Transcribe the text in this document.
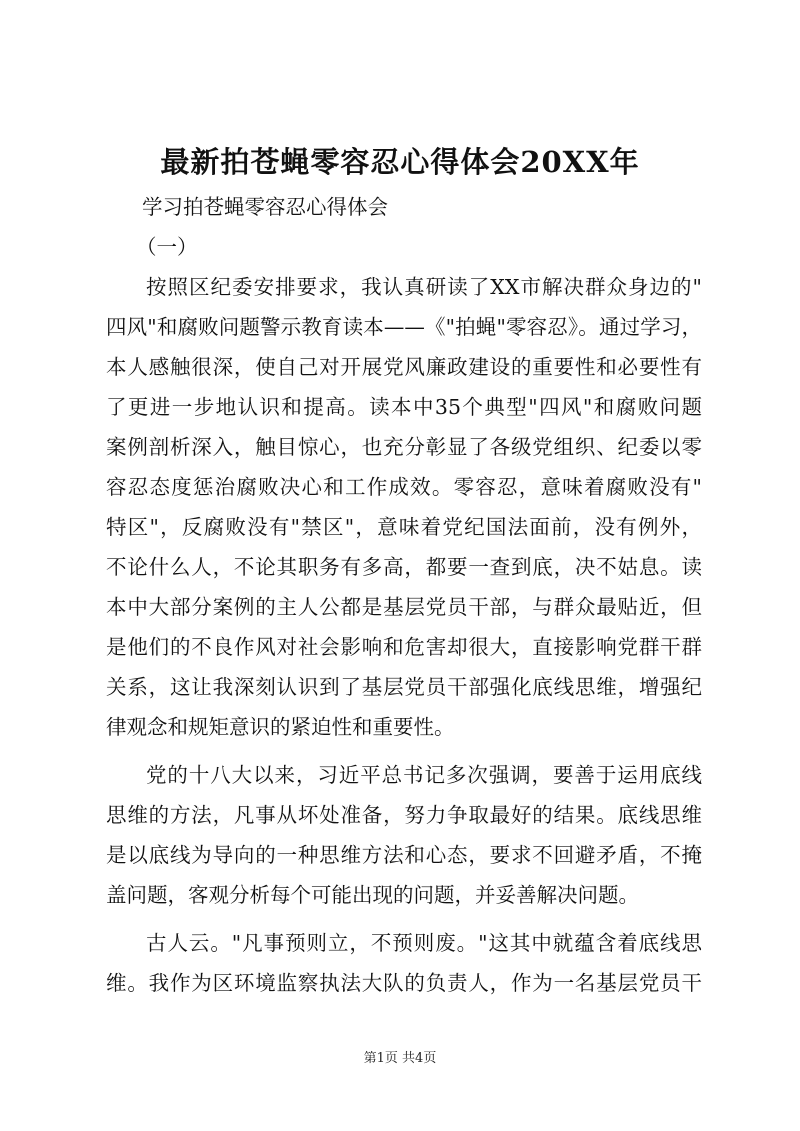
最新拍苍蝇零容忍心得体会20XX年
学习拍苍蝇零容忍心得体会
（一）
按照区纪委安排要求，我认真研读了XX市解决群众身边的"
四风"和腐败问题警示教育读本——《"拍蝇"零容忍》。通过学习，
本人感触很深，使自己对开展党风廉政建设的重要性和必要性有
了更进一步地认识和提高。读本中35个典型"四风"和腐败问题
案例剖析深入，触目惊心，也充分彰显了各级党组织、纪委以零
容忍态度惩治腐败决心和工作成效。零容忍，意味着腐败没有"
特区"，反腐败没有"禁区"，意味着党纪国法面前，没有例外，
不论什么人，不论其职务有多高，都要一查到底，决不姑息。读
本中大部分案例的主人公都是基层党员干部，与群众最贴近，但
是他们的不良作风对社会影响和危害却很大，直接影响党群干群
关系，这让我深刻认识到了基层党员干部强化底线思维，增强纪
律观念和规矩意识的紧迫性和重要性。
党的十八大以来，习近平总书记多次强调，要善于运用底线
思维的方法，凡事从坏处准备，努力争取最好的结果。底线思维
是以底线为导向的一种思维方法和心态，要求不回避矛盾，不掩
盖问题，客观分析每个可能出现的问题，并妥善解决问题。
古人云。"凡事预则立，不预则废。"这其中就蕴含着底线思
维。我作为区环境监察执法大队的负责人，作为一名基层党员干
第1页 共4页
